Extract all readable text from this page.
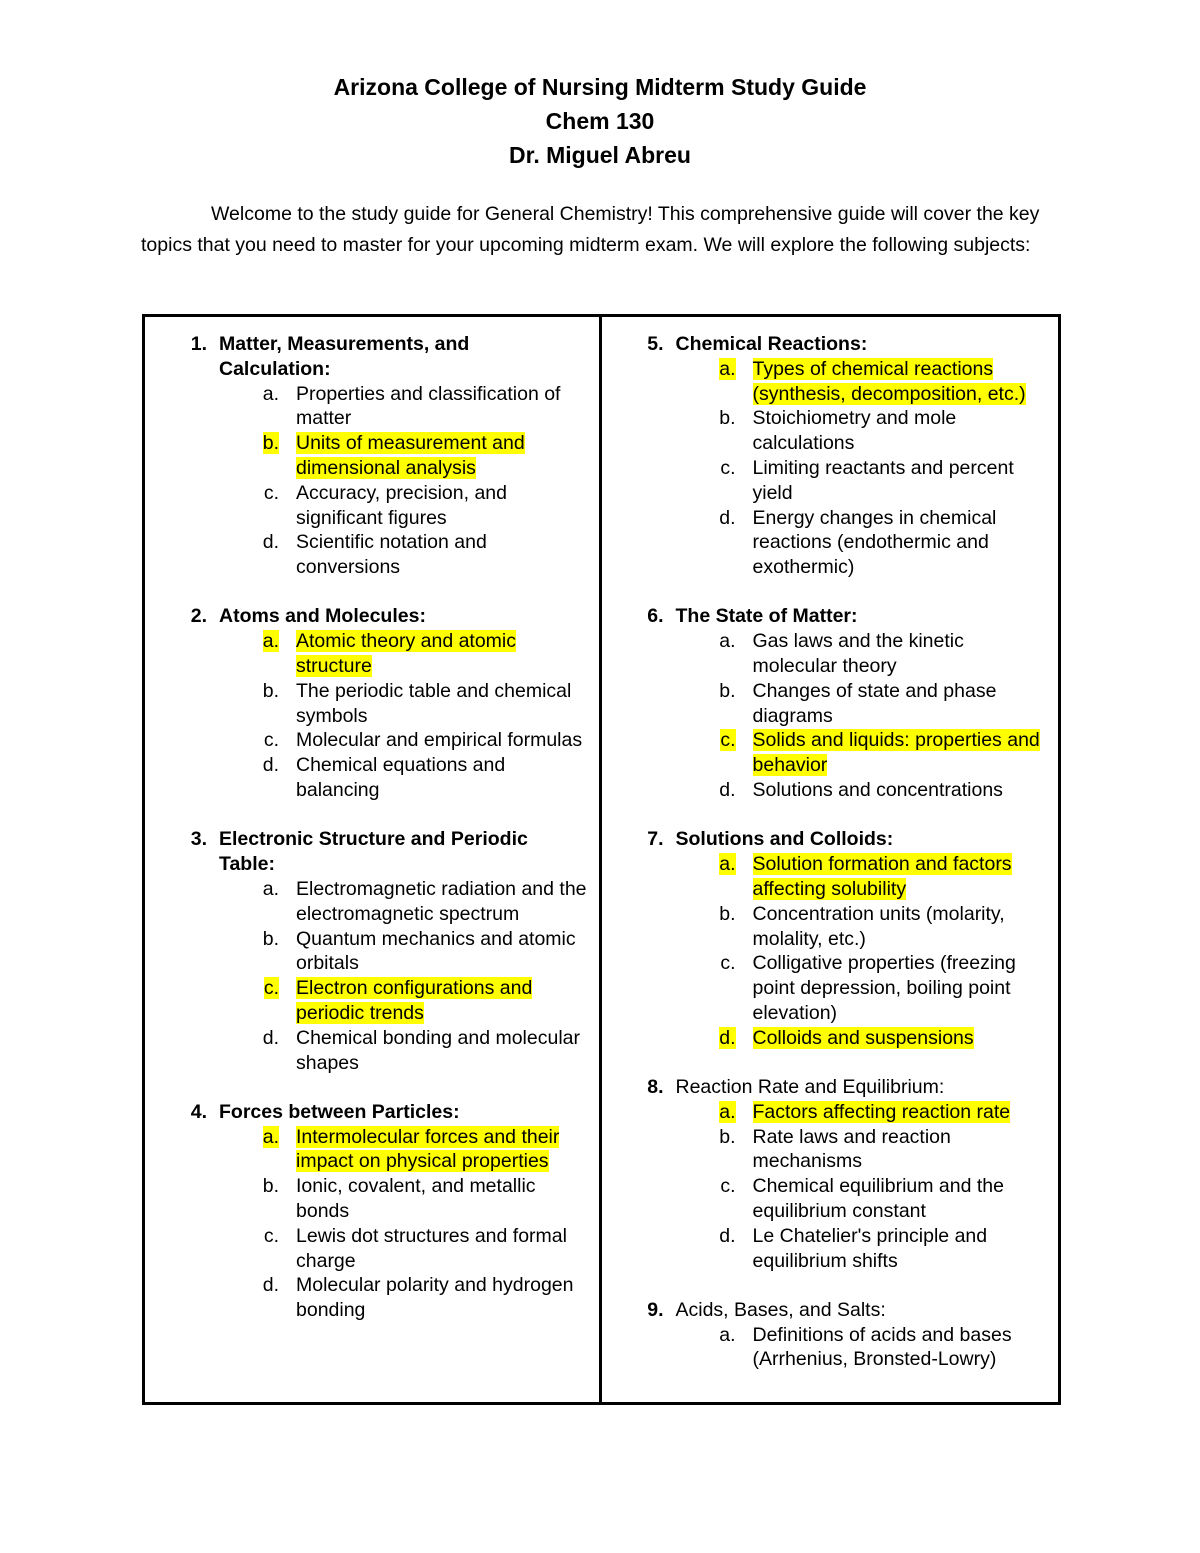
Arizona College of Nursing Midterm Study Guide
Chem 130
Dr. Miguel Abreu
Welcome to the study guide for General Chemistry! This comprehensive guide will cover the key topics that you need to master for your upcoming midterm exam. We will explore the following subjects:
1. Matter, Measurements, and Calculation:
a. Properties and classification of matter
b. Units of measurement and dimensional analysis
c. Accuracy, precision, and significant figures
d. Scientific notation and conversions
2. Atoms and Molecules:
a. Atomic theory and atomic structure
b. The periodic table and chemical symbols
c. Molecular and empirical formulas
d. Chemical equations and balancing
3. Electronic Structure and Periodic Table:
a. Electromagnetic radiation and the electromagnetic spectrum
b. Quantum mechanics and atomic orbitals
c. Electron configurations and periodic trends
d. Chemical bonding and molecular shapes
4. Forces between Particles:
a. Intermolecular forces and their impact on physical properties
b. Ionic, covalent, and metallic bonds
c. Lewis dot structures and formal charge
d. Molecular polarity and hydrogen bonding
5. Chemical Reactions:
a. Types of chemical reactions (synthesis, decomposition, etc.)
b. Stoichiometry and mole calculations
c. Limiting reactants and percent yield
d. Energy changes in chemical reactions (endothermic and exothermic)
6. The State of Matter:
a. Gas laws and the kinetic molecular theory
b. Changes of state and phase diagrams
c. Solids and liquids: properties and behavior
d. Solutions and concentrations
7. Solutions and Colloids:
a. Solution formation and factors affecting solubility
b. Concentration units (molarity, molality, etc.)
c. Colligative properties (freezing point depression, boiling point elevation)
d. Colloids and suspensions
8. Reaction Rate and Equilibrium:
a. Factors affecting reaction rate
b. Rate laws and reaction mechanisms
c. Chemical equilibrium and the equilibrium constant
d. Le Chatelier's principle and equilibrium shifts
9. Acids, Bases, and Salts:
a. Definitions of acids and bases (Arrhenius, Bronsted-Lowry)
